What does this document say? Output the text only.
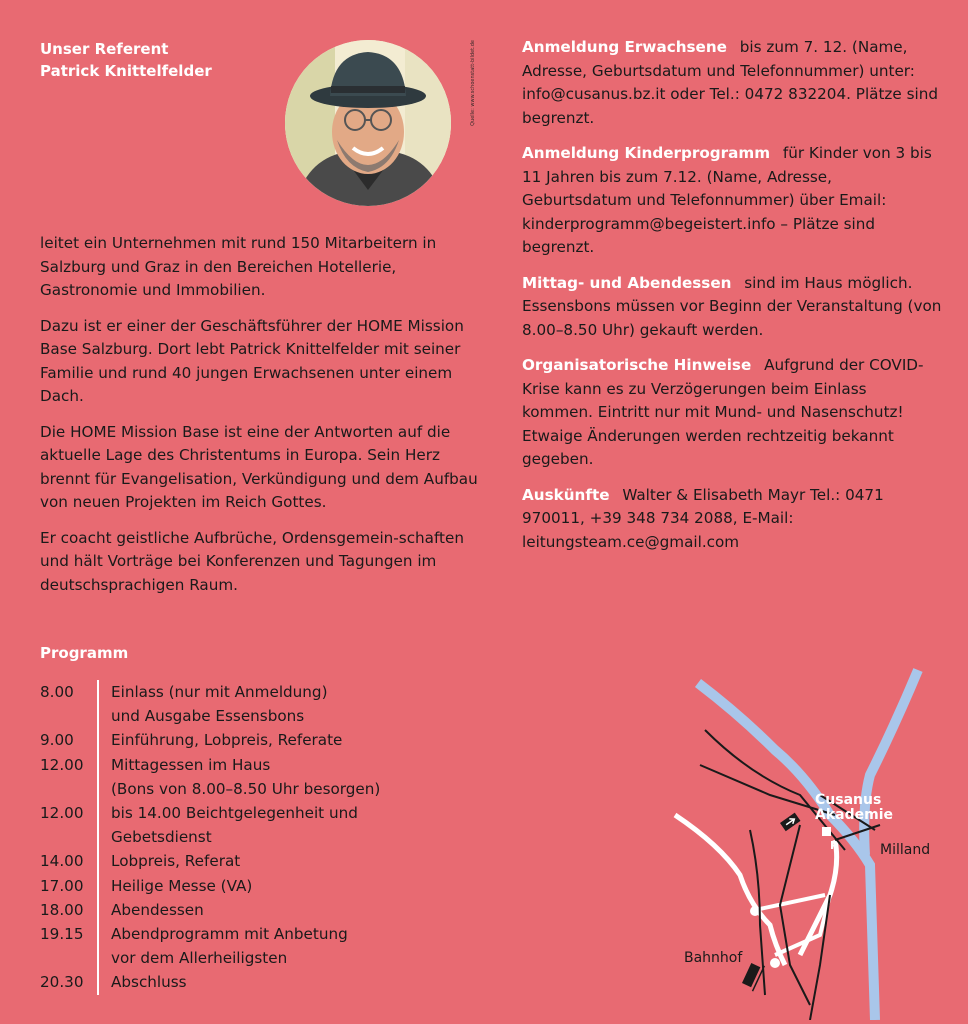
Unser Referent
Patrick Knittelfelder	Quelle: www.schoenstatt-bildet.de

leitet ein Unternehmen mit rund 150 Mitarbeitern in Salzburg und Graz in den Bereichen Hotellerie, Gastronomie und Immobilien.

Dazu ist er einer der Geschäftsführer der HOME Mission Base Salzburg. Dort lebt Patrick Knittelfelder mit seiner Familie und rund 40 jungen Erwachsenen unter einem Dach.

Die HOME Mission Base ist eine der Antworten auf die aktuelle Lage des Christentums in Europa. Sein Herz brennt für Evangelisation, Verkündigung und dem Aufbau von neuen Projekten im Reich Gottes.

Er coacht geistliche Aufbrüche, Ordensgemein-schaften und hält Vorträge bei Konferenzen und Tagungen im deutschsprachigen Raum.

Anmeldung Erwachsene bis zum 7. 12. (Name, Adresse, Geburtsdatum und Telefonnummer) unter: info@cusanus.bz.it oder Tel.: 0472 832204. Plätze sind begrenzt.

Anmeldung Kinderprogramm für Kinder von 3 bis 11 Jahren bis zum 7.12. (Name, Adresse, Geburtsdatum und Telefonnummer) über Email: kinderprogramm@begeistert.info – Plätze sind begrenzt.

Mittag- und Abendessen sind im Haus möglich. Essensbons müssen vor Beginn der Veranstaltung (von 8.00–8.50 Uhr) gekauft werden.

Organisatorische Hinweise Aufgrund der COVID-Krise kann es zu Verzögerungen beim Einlass kommen. Eintritt nur mit Mund- und Nasenschutz! Etwaige Änderungen werden rechtzeitig bekannt gegeben.

Auskünfte Walter & Elisabeth Mayr Tel.: 0471 970011, +39 348 734 2088, E-Mail: leitungsteam.ce@gmail.com

Programm
8.00	Einlass (nur mit Anmeldung)
und Ausgabe Essensbons
9.00	Einführung, Lobpreis, Referate
12.00	Mittagessen im Haus
(Bons von 8.00–8.50 Uhr besorgen)
12.00	bis 14.00 Beichtgelegenheit und
Gebetsdienst
14.00	Lobpreis, Referat
17.00	Heilige Messe (VA)
18.00	Abendessen
19.15	Abendprogramm mit Anbetung
vor dem Allerheiligsten
20.30	Abschluss
Cusanus
Akademie
P	Milland
Bahnhof
